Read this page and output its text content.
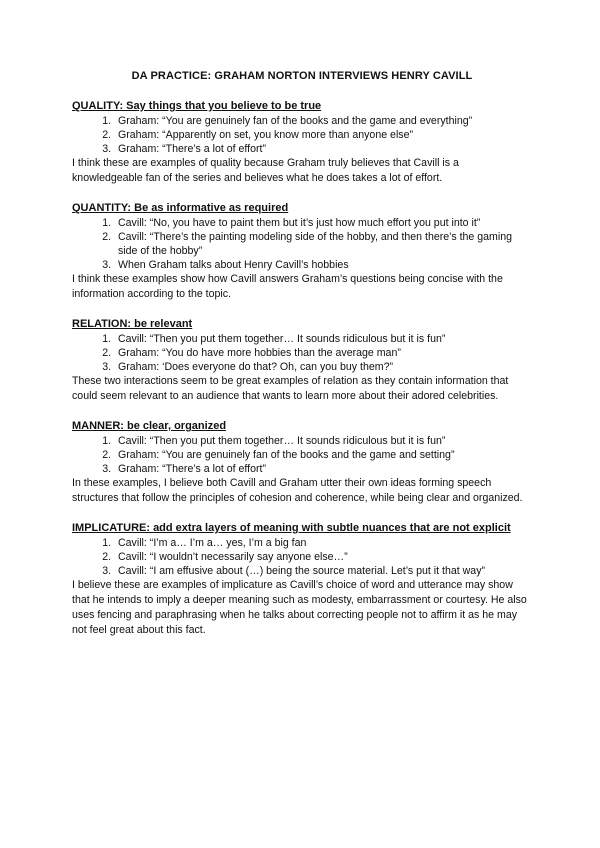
DA PRACTICE: GRAHAM NORTON INTERVIEWS HENRY CAVILL
QUALITY: Say things that you believe to be true
1. Graham: “You are genuinely fan of the books and the game and everything”
2. Graham: “Apparently on set, you know more than anyone else”
3. Graham: “There’s a lot of effort”

I think these are examples of quality because Graham truly believes that Cavill is a knowledgeable fan of the series and believes what he does takes a lot of effort.

QUANTITY: Be as informative as required
1. Cavill: “No, you have to paint them but it’s just how much effort you put into it”
2. Cavill: “There’s the painting modeling side of the hobby, and then there’s the gaming side of the hobby”
3. When Graham talks about Henry Cavill’s hobbies

I think these examples show how Cavill answers Graham’s questions being concise with the information according to the topic.

RELATION: be relevant
1. Cavill: “Then you put them together… It sounds ridiculous but it is fun”
2. Graham: “You do have more hobbies than the average man”
3. Graham: ‘Does everyone do that? Oh, can you buy them?”

These two interactions seem to be great examples of relation as they contain information that could seem relevant to an audience that wants to learn more about their adored celebrities.

MANNER: be clear, organized
1. Cavill: “Then you put them together… It sounds ridiculous but it is fun”
2. Graham: “You are genuinely fan of the books and the game and setting”
3. Graham: “There’s a lot of effort”

In these examples, I believe both Cavill and Graham utter their own ideas forming speech structures that follow the principles of cohesion and coherence, while being clear and organized.

IMPLICATURE: add extra layers of meaning with subtle nuances that are not explicit
1. Cavill: “I’m a… I’m a… yes, I’m a big fan
2. Cavill: “I wouldn’t necessarily say anyone else…”
3. Cavill: “I am effusive about (…) being the source material. Let’s put it that way”

I believe these are examples of implicature as Cavill’s choice of word and utterance may show that he intends to imply a deeper meaning such as modesty, embarrassment or courtesy. He also uses fencing and paraphrasing when he talks about correcting people not to affirm it as he may not feel great about this fact.
